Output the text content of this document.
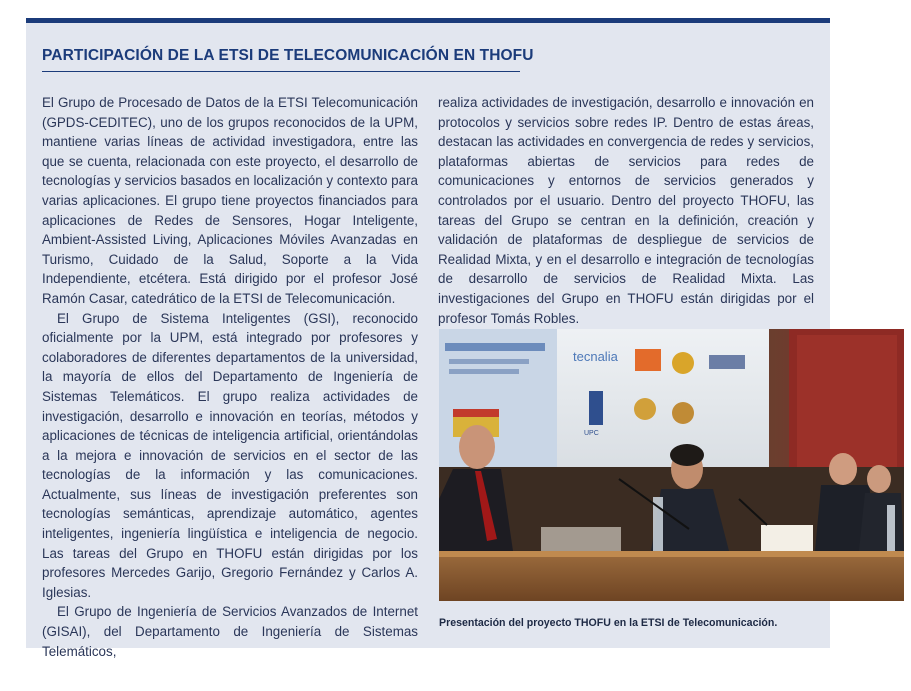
PARTICIPACIÓN DE LA ETSI DE TELECOMUNICACIÓN EN THOFU

El Grupo de Procesado de Datos de la ETSI Telecomunicación (GPDS-CEDITEC), uno de los grupos reconocidos de la UPM, mantiene varias líneas de actividad investigadora, entre las que se cuenta, relacionada con este proyecto, el desarrollo de tecnologías y servicios basados en localización y contexto para varias aplicaciones. El grupo tiene proyectos financiados para aplicaciones de Redes de Sensores, Hogar Inteligente, Ambient-Assisted Living, Aplicaciones Móviles Avanzadas en Turismo, Cuidado de la Salud, Soporte a la Vida Independiente, etcétera. Está dirigido por el profesor José Ramón Casar, catedrático de la ETSI de Telecomunicación.

El Grupo de Sistema Inteligentes (GSI), reconocido oficialmente por la UPM, está integrado por profesores y colaboradores de diferentes departamentos de la universidad, la mayoría de ellos del Departamento de Ingeniería de Sistemas Telemáticos. El grupo realiza actividades de investigación, desarrollo e innovación en teorías, métodos y aplicaciones de técnicas de inteligencia artificial, orientándolas a la mejora e innovación de servicios en el sector de las tecnologías de la información y las comunicaciones. Actualmente, sus líneas de investigación preferentes son tecnologías semánticas, aprendizaje automático, agentes inteligentes, ingeniería lingüística e inteligencia de negocio. Las tareas del Grupo en THOFU están dirigidas por los profesores Mercedes Garijo, Gregorio Fernández y Carlos A. Iglesias.

El Grupo de Ingeniería de Servicios Avanzados de Internet (GISAI), del Departamento de Ingeniería de Sistemas Telemáticos,

realiza actividades de investigación, desarrollo e innovación en protocolos y servicios sobre redes IP. Dentro de estas áreas, destacan las actividades en convergencia de redes y servicios, plataformas abiertas de servicios para redes de comunicaciones y entornos de servicios generados y controlados por el usuario. Dentro del proyecto THOFU, las tareas del Grupo se centran en la definición, creación y validación de plataformas de despliegue de servicios de Realidad Mixta, y en el desarrollo e integración de tecnologías de desarrollo de servicios de Realidad Mixta. Las investigaciones del Grupo en THOFU están dirigidas por el profesor Tomás Robles.

tecnalia
UPC

Presentación del proyecto THOFU en la ETSI de Telecomunicación.
